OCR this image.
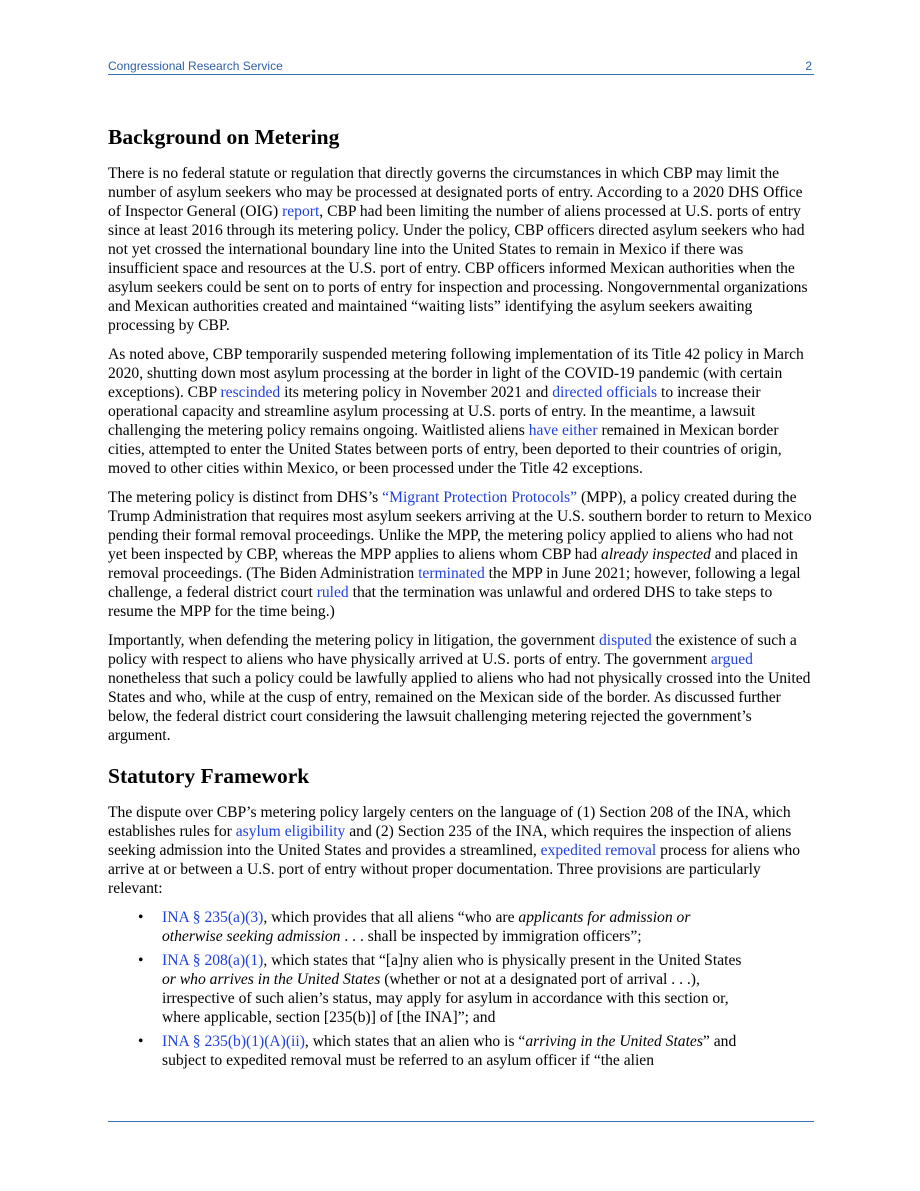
Congressional Research Service	2
Background on Metering

There is no federal statute or regulation that directly governs the circumstances in which CBP may limit the number of asylum seekers who may be processed at designated ports of entry. According to a 2020 DHS Office of Inspector General (OIG) report, CBP had been limiting the number of aliens processed at U.S. ports of entry since at least 2016 through its metering policy. Under the policy, CBP officers directed asylum seekers who had not yet crossed the international boundary line into the United States to remain in Mexico if there was insufficient space and resources at the U.S. port of entry. CBP officers informed Mexican authorities when the asylum seekers could be sent on to ports of entry for inspection and processing. Nongovernmental organizations and Mexican authorities created and maintained “waiting lists” identifying the asylum seekers awaiting processing by CBP.

As noted above, CBP temporarily suspended metering following implementation of its Title 42 policy in March 2020, shutting down most asylum processing at the border in light of the COVID-19 pandemic (with certain exceptions). CBP rescinded its metering policy in November 2021 and directed officials to increase their operational capacity and streamline asylum processing at U.S. ports of entry. In the meantime, a lawsuit challenging the metering policy remains ongoing. Waitlisted aliens have either remained in Mexican border cities, attempted to enter the United States between ports of entry, been deported to their countries of origin, moved to other cities within Mexico, or been processed under the Title 42 exceptions.

The metering policy is distinct from DHS’s “Migrant Protection Protocols” (MPP), a policy created during the Trump Administration that requires most asylum seekers arriving at the U.S. southern border to return to Mexico pending their formal removal proceedings. Unlike the MPP, the metering policy applied to aliens who had not yet been inspected by CBP, whereas the MPP applies to aliens whom CBP had already inspected and placed in removal proceedings. (The Biden Administration terminated the MPP in June 2021; however, following a legal challenge, a federal district court ruled that the termination was unlawful and ordered DHS to take steps to resume the MPP for the time being.)

Importantly, when defending the metering policy in litigation, the government disputed the existence of such a policy with respect to aliens who have physically arrived at U.S. ports of entry. The government argued nonetheless that such a policy could be lawfully applied to aliens who had not physically crossed into the United States and who, while at the cusp of entry, remained on the Mexican side of the border. As discussed further below, the federal district court considering the lawsuit challenging metering rejected the government’s argument.

Statutory Framework

The dispute over CBP’s metering policy largely centers on the language of (1) Section 208 of the INA, which establishes rules for asylum eligibility and (2) Section 235 of the INA, which requires the inspection of aliens seeking admission into the United States and provides a streamlined, expedited removal process for aliens who arrive at or between a U.S. port of entry without proper documentation. Three provisions are particularly relevant:

• INA § 235(a)(3), which provides that all aliens “who are applicants for admission or otherwise seeking admission . . . shall be inspected by immigration officers”;
• INA § 208(a)(1), which states that “[a]ny alien who is physically present in the United States or who arrives in the United States (whether or not at a designated port of arrival . . .), irrespective of such alien’s status, may apply for asylum in accordance with this section or, where applicable, section [235(b)] of [the INA]”; and
• INA § 235(b)(1)(A)(ii), which states that an alien who is “arriving in the United States” and subject to expedited removal must be referred to an asylum officer if “the alien
